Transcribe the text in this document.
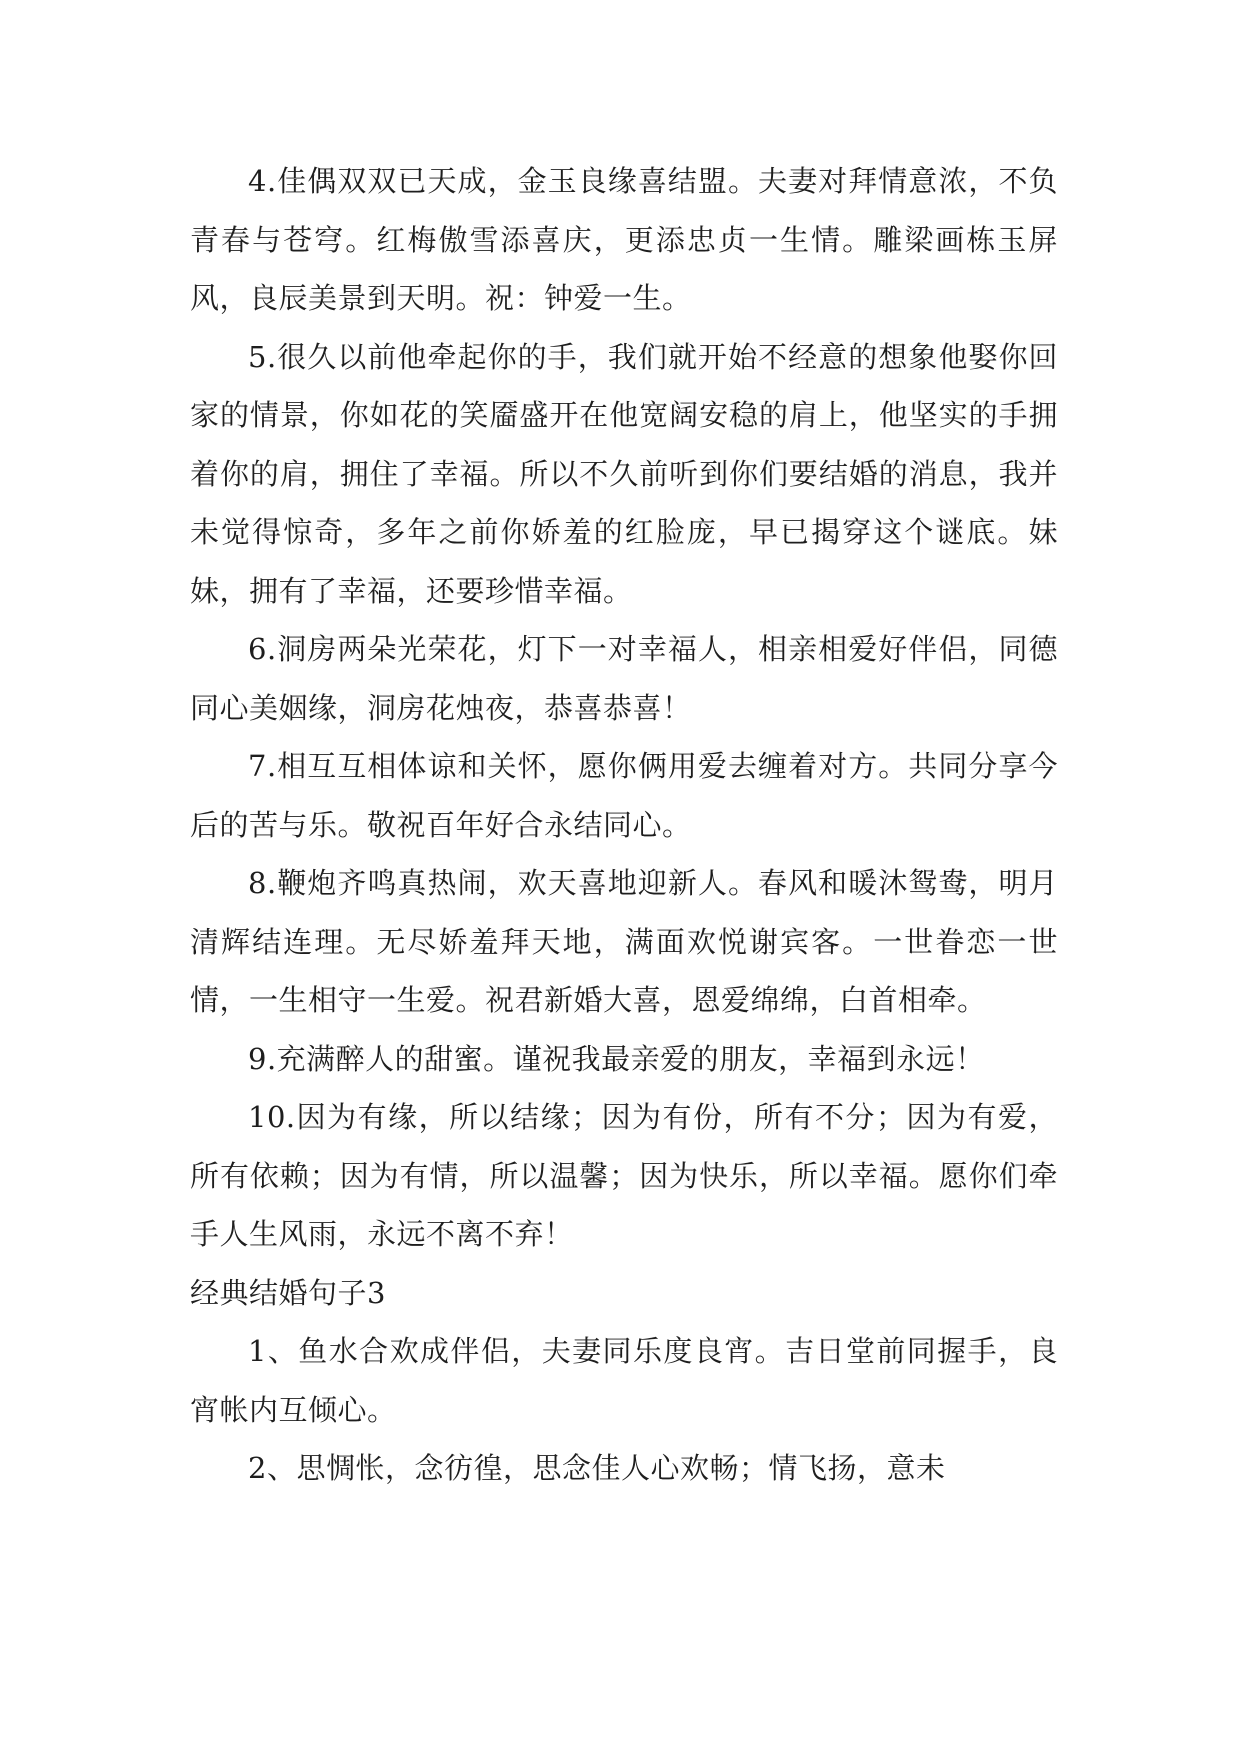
4.佳偶双双已天成，金玉良缘喜结盟。夫妻对拜情意浓，不负青春与苍穹。红梅傲雪添喜庆，更添忠贞一生情。雕梁画栋玉屏风，良辰美景到天明。祝：钟爱一生。

5.很久以前他牵起你的手，我们就开始不经意的想象他娶你回家的情景，你如花的笑靥盛开在他宽阔安稳的肩上，他坚实的手拥着你的肩，拥住了幸福。所以不久前听到你们要结婚的消息，我并未觉得惊奇，多年之前你娇羞的红脸庞，早已揭穿这个谜底。妹妹，拥有了幸福，还要珍惜幸福。

6.洞房两朵光荣花，灯下一对幸福人，相亲相爱好伴侣，同德同心美姻缘，洞房花烛夜，恭喜恭喜！

7.相互互相体谅和关怀，愿你俩用爱去缠着对方。共同分享今后的苦与乐。敬祝百年好合永结同心。

8.鞭炮齐鸣真热闹，欢天喜地迎新人。春风和暖沐鸳鸯，明月清辉结连理。无尽娇羞拜天地，满面欢悦谢宾客。一世眷恋一世情，一生相守一生爱。祝君新婚大喜，恩爱绵绵，白首相牵。

9.充满醉人的甜蜜。谨祝我最亲爱的朋友，幸福到永远！

10.因为有缘，所以结缘；因为有份，所有不分；因为有爱，所有依赖；因为有情，所以温馨；因为快乐，所以幸福。愿你们牵手人生风雨，永远不离不弃！

经典结婚句子3

1、鱼水合欢成伴侣，夫妻同乐度良宵。吉日堂前同握手，良宵帐内互倾心。

2、思惆怅，念彷徨，思念佳人心欢畅；情飞扬，意未
